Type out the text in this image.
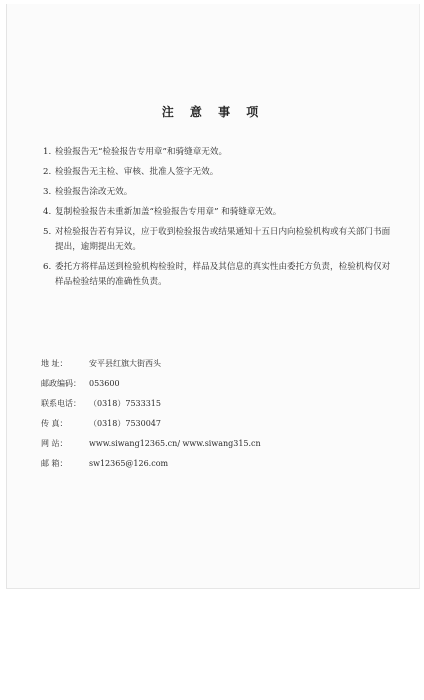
注 意 事 项
1. 检验报告无“检验报告专用章”和骑缝章无效。
2. 检验报告无主检、审核、批准人签字无效。
3. 检验报告涂改无效。
4. 复制检验报告未重新加盖“检验报告专用章” 和骑缝章无效。
5. 对检验报告若有异议，应于收到检验报告或结果通知十五日内向检验机构或有关部门书面提出，逾期提出无效。
6. 委托方将样品送到检验机构检验时，样品及其信息的真实性由委托方负责，检验机构仅对样品检验结果的准确性负责。
地 址：	安平县红旗大街西头
邮政编码：	053600
联系电话：	（0318）7533315
传 真：	（0318）7530047
网 站：	www.siwang12365.cn/ www.siwang315.cn
邮 箱：	sw12365@126.com
